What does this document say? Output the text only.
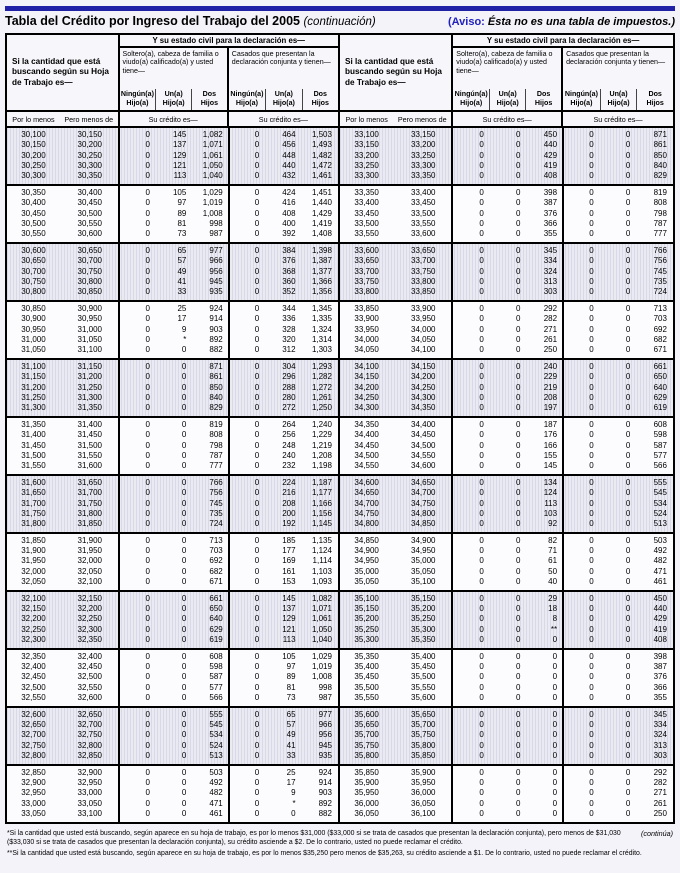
Tabla del Crédito por Ingreso del Trabajo del 2005 (continuación)	(Aviso: Ésta no es una tabla de impuestos.)
Si la cantidad que está buscando según su Hoja de Trabajo es—
Y su estado civil para la declaración es—
Soltero(a), cabeza de familia o viudo(a) calificado(a) y usted tiene—
Ningún(a)
Hijo(a)
Un(a)
Hijo(a)
Dos
Hijos
Casados que presentan la declaración conjunta y tienen—
Ningún(a)
Hijo(a)
Un(a)
Hijo(a)
Dos
Hijos
Por lo menos	Pero menos de	Su crédito es—	Su crédito es—
30,100	30,150	0	145	1,082	0	464	1,503
30,150	30,200	0	137	1,071	0	456	1,493
30,200	30,250	0	129	1,061	0	448	1,482
30,250	30,300	0	121	1,050	0	440	1,472
30,300	30,350	0	113	1,040	0	432	1,461
30,350	30,400	0	105	1,029	0	424	1,451
30,400	30,450	0	97	1,019	0	416	1,440
30,450	30,500	0	89	1,008	0	408	1,429
30,500	30,550	0	81	998	0	400	1,419
30,550	30,600	0	73	987	0	392	1,408
30,600	30,650	0	65	977	0	384	1,398
30,650	30,700	0	57	966	0	376	1,387
30,700	30,750	0	49	956	0	368	1,377
30,750	30,800	0	41	945	0	360	1,366
30,800	30,850	0	33	935	0	352	1,356
30,850	30,900	0	25	924	0	344	1,345
30,900	30,950	0	17	914	0	336	1,335
30,950	31,000	0	9	903	0	328	1,324
31,000	31,050	0	*	892	0	320	1,314
31,050	31,100	0	0	882	0	312	1,303
31,100	31,150	0	0	871	0	304	1,293
31,150	31,200	0	0	861	0	296	1,282
31,200	31,250	0	0	850	0	288	1,272
31,250	31,300	0	0	840	0	280	1,261
31,300	31,350	0	0	829	0	272	1,250
31,350	31,400	0	0	819	0	264	1,240
31,400	31,450	0	0	808	0	256	1,229
31,450	31,500	0	0	798	0	248	1,219
31,500	31,550	0	0	787	0	240	1,208
31,550	31,600	0	0	777	0	232	1,198
31,600	31,650	0	0	766	0	224	1,187
31,650	31,700	0	0	756	0	216	1,177
31,700	31,750	0	0	745	0	208	1,166
31,750	31,800	0	0	735	0	200	1,156
31,800	31,850	0	0	724	0	192	1,145
31,850	31,900	0	0	713	0	185	1,135
31,900	31,950	0	0	703	0	177	1,124
31,950	32,000	0	0	692	0	169	1,114
32,000	32,050	0	0	682	0	161	1,103
32,050	32,100	0	0	671	0	153	1,093
32,100	32,150	0	0	661	0	145	1,082
32,150	32,200	0	0	650	0	137	1,071
32,200	32,250	0	0	640	0	129	1,061
32,250	32,300	0	0	629	0	121	1,050
32,300	32,350	0	0	619	0	113	1,040
32,350	32,400	0	0	608	0	105	1,029
32,400	32,450	0	0	598	0	97	1,019
32,450	32,500	0	0	587	0	89	1,008
32,500	32,550	0	0	577	0	81	998
32,550	32,600	0	0	566	0	73	987
32,600	32,650	0	0	555	0	65	977
32,650	32,700	0	0	545	0	57	966
32,700	32,750	0	0	534	0	49	956
32,750	32,800	0	0	524	0	41	945
32,800	32,850	0	0	513	0	33	935
32,850	32,900	0	0	503	0	25	924
32,900	32,950	0	0	492	0	17	914
32,950	33,000	0	0	482	0	9	903
33,000	33,050	0	0	471	0	*	892
33,050	33,100	0	0	461	0	0	882
Si la cantidad que está buscando según su Hoja de Trabajo es—
Y su estado civil para la declaración es—
Soltero(a), cabeza de familia o viudo(a) calificado(a) y usted tiene—
Ningún(a)
Hijo(a)
Un(a)
Hijo(a)
Dos
Hijos
Casados que presentan la declaración conjunta y tienen—
Ningún(a)
Hijo(a)
Un(a)
Hijo(a)
Dos
Hijos
Por lo menos	Pero menos de	Su crédito es—	Su crédito es—
33,100	33,150	0	0	450	0	0	871
33,150	33,200	0	0	440	0	0	861
33,200	33,250	0	0	429	0	0	850
33,250	33,300	0	0	419	0	0	840
33,300	33,350	0	0	408	0	0	829
33,350	33,400	0	0	398	0	0	819
33,400	33,450	0	0	387	0	0	808
33,450	33,500	0	0	376	0	0	798
33,500	33,550	0	0	366	0	0	787
33,550	33,600	0	0	355	0	0	777
33,600	33,650	0	0	345	0	0	766
33,650	33,700	0	0	334	0	0	756
33,700	33,750	0	0	324	0	0	745
33,750	33,800	0	0	313	0	0	735
33,800	33,850	0	0	303	0	0	724
33,850	33,900	0	0	292	0	0	713
33,900	33,950	0	0	282	0	0	703
33,950	34,000	0	0	271	0	0	692
34,000	34,050	0	0	261	0	0	682
34,050	34,100	0	0	250	0	0	671
34,100	34,150	0	0	240	0	0	661
34,150	34,200	0	0	229	0	0	650
34,200	34,250	0	0	219	0	0	640
34,250	34,300	0	0	208	0	0	629
34,300	34,350	0	0	197	0	0	619
34,350	34,400	0	0	187	0	0	608
34,400	34,450	0	0	176	0	0	598
34,450	34,500	0	0	166	0	0	587
34,500	34,550	0	0	155	0	0	577
34,550	34,600	0	0	145	0	0	566
34,600	34,650	0	0	134	0	0	555
34,650	34,700	0	0	124	0	0	545
34,700	34,750	0	0	113	0	0	534
34,750	34,800	0	0	103	0	0	524
34,800	34,850	0	0	92	0	0	513
34,850	34,900	0	0	82	0	0	503
34,900	34,950	0	0	71	0	0	492
34,950	35,000	0	0	61	0	0	482
35,000	35,050	0	0	50	0	0	471
35,050	35,100	0	0	40	0	0	461
35,100	35,150	0	0	29	0	0	450
35,150	35,200	0	0	18	0	0	440
35,200	35,250	0	0	8	0	0	429
35,250	35,300	0	0	**	0	0	419
35,300	35,350	0	0	0	0	0	408
35,350	35,400	0	0	0	0	0	398
35,400	35,450	0	0	0	0	0	387
35,450	35,500	0	0	0	0	0	376
35,500	35,550	0	0	0	0	0	366
35,550	35,600	0	0	0	0	0	355
35,600	35,650	0	0	0	0	0	345
35,650	35,700	0	0	0	0	0	334
35,700	35,750	0	0	0	0	0	324
35,750	35,800	0	0	0	0	0	313
35,800	35,850	0	0	0	0	0	303
35,850	35,900	0	0	0	0	0	292
35,900	35,950	0	0	0	0	0	282
35,950	36,000	0	0	0	0	0	271
36,000	36,050	0	0	0	0	0	261
36,050	36,100	0	0	0	0	0	250
(continúa)

*Si la cantidad que usted está buscando, según aparece en su hoja de trabajo, es por lo menos $31,000 ($33,000 si se trata de casados que presentan la declaración conjunta), pero menos de $31,030 ($33,030 si se trata de casados que presentan la declaración conjunta), su crédito asciende a $2. De lo contrario, usted no puede reclamar el crédito.

**Si la cantidad que usted está buscando, según aparece en su hoja de trabajo, es por lo menos $35,250 pero menos de $35,263, su crédito asciende a $1. De lo contrario, usted no puede reclamar el crédito.
